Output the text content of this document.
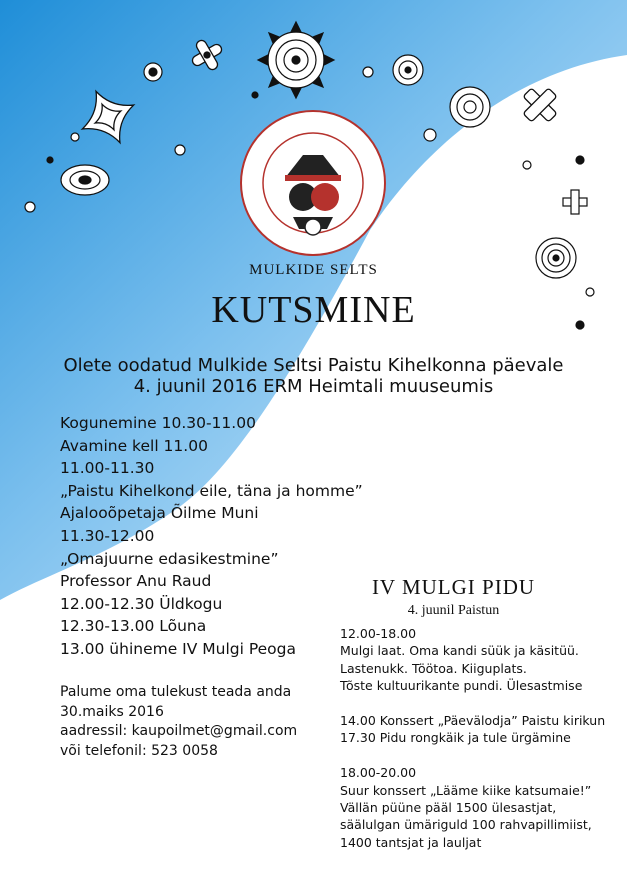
MULKIDE SELTS

KUTSMINE
Olete oodatud Mulkide Seltsi Paistu Kihelkonna päevale
4. juunil 2016 ERM Heimtali muuseumis
Kogunemine 10.30-11.00
Avamine kell 11.00
11.00-11.30
„Paistu Kihelkond eile, täna ja homme”
Ajalooõpetaja Õilme Muni
11.30-12.00
„Omajuurne edasikestmine”
Professor Anu Raud
12.00-12.30 Üldkogu
12.30-13.00 Lõuna
13.00 ühineme IV Mulgi Peoga
Palume oma tulekust teada anda
30.maiks 2016
aadressil: kaupoilmet@gmail.com
või telefonil: 523 0058
IV MULGI PIDU
4. juunil Paistun
12.00-18.00
Mulgi laat. Oma kandi süük ja käsitüü.
Lastenukk. Töötoa. Kiiguplats.
Tõste kultuurikante pundi. Ülesastmise
14.00 Konssert „Päevälodja” Paistu kirikun
17.30 Pidu rongkäik ja tule ürgämine
18.00-20.00
Suur konssert „Lääme kiike katsumaie!”
Vällän püüne pääl 1500 ülesastjat,
säälulgan ümäriguld 100 rahvapillimiist,
1400 tantsjat ja lauljat
